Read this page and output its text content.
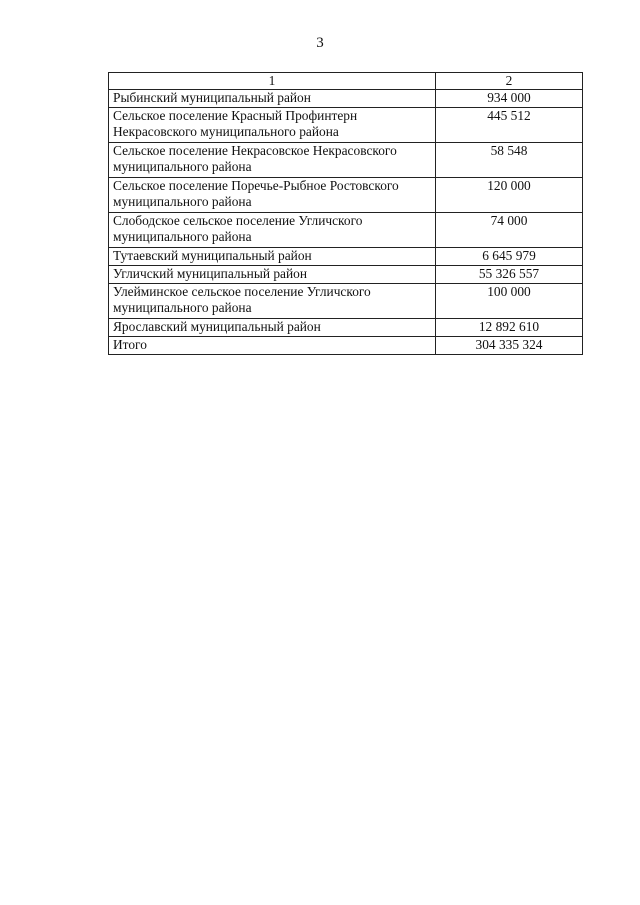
3
1	2
Рыбинский муниципальный район	934 000
Сельское поселение Красный Профинтерн Некрасовского муниципального района	445 512
Сельское поселение Некрасовское Некрасовского муниципального района	58 548
Сельское поселение Поречье-Рыбное Ростовского муниципального района	120 000
Слободское сельское поселение Угличского муниципального района	74 000
Тутаевский муниципальный район	6 645 979
Угличский муниципальный район	55 326 557
Улейминское сельское поселение Угличского муниципального района	100 000
Ярославский муниципальный район	12 892 610
Итого	304 335 324
